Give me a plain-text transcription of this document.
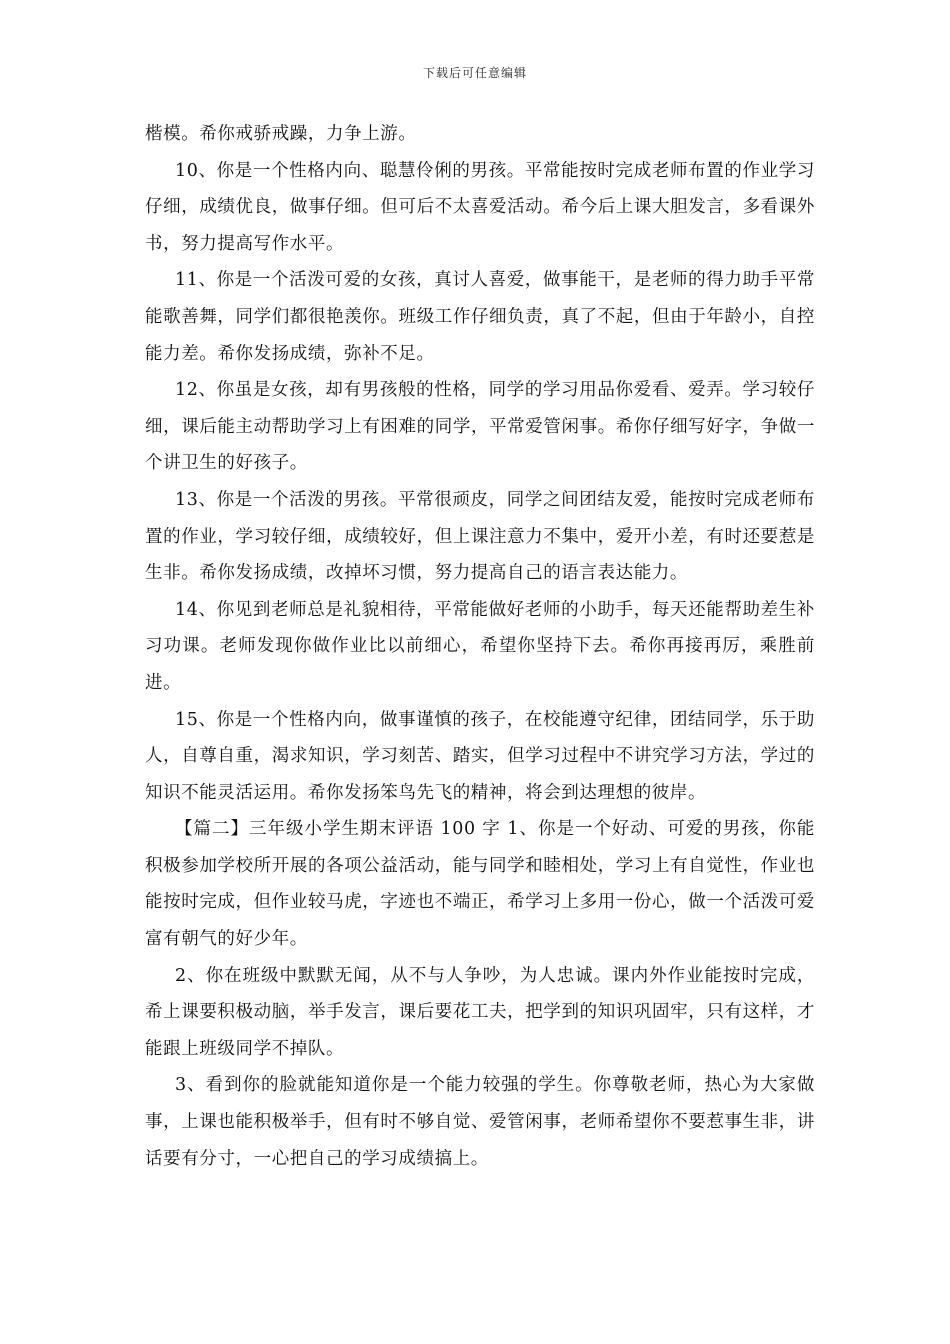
下载后可任意编辑

楷模。希你戒骄戒躁，力争上游。

10、你是一个性格内向、聪慧伶俐的男孩。平常能按时完成老师布置的作业学习仔细，成绩优良，做事仔细。但可后不太喜爱活动。希今后上课大胆发言，多看课外书，努力提高写作水平。

11、你是一个活泼可爱的女孩，真讨人喜爱，做事能干，是老师的得力助手平常能歌善舞，同学们都很艳羡你。班级工作仔细负责，真了不起，但由于年龄小，自控能力差。希你发扬成绩，弥补不足。

12、你虽是女孩，却有男孩般的性格，同学的学习用品你爱看、爱弄。学习较仔细，课后能主动帮助学习上有困难的同学，平常爱管闲事。希你仔细写好字，争做一个讲卫生的好孩子。

13、你是一个活泼的男孩。平常很顽皮，同学之间团结友爱，能按时完成老师布置的作业，学习较仔细，成绩较好，但上课注意力不集中，爱开小差，有时还要惹是生非。希你发扬成绩，改掉坏习惯，努力提高自己的语言表达能力。

14、你见到老师总是礼貌相待，平常能做好老师的小助手，每天还能帮助差生补习功课。老师发现你做作业比以前细心，希望你坚持下去。希你再接再厉，乘胜前进。

15、你是一个性格内向，做事谨慎的孩子，在校能遵守纪律，团结同学，乐于助人，自尊自重，渴求知识，学习刻苦、踏实，但学习过程中不讲究学习方法，学过的知识不能灵活运用。希你发扬笨鸟先飞的精神，将会到达理想的彼岸。

【篇二】三年级小学生期末评语 100 字 1、你是一个好动、可爱的男孩，你能积极参加学校所开展的各项公益活动，能与同学和睦相处，学习上有自觉性，作业也能按时完成，但作业较马虎，字迹也不端正，希学习上多用一份心，做一个活泼可爱富有朝气的好少年。

2、你在班级中默默无闻，从不与人争吵，为人忠诚。课内外作业能按时完成，希上课要积极动脑，举手发言，课后要花工夫，把学到的知识巩固牢，只有这样，才能跟上班级同学不掉队。

3、看到你的脸就能知道你是一个能力较强的学生。你尊敬老师，热心为大家做事，上课也能积极举手，但有时不够自觉、爱管闲事，老师希望你不要惹事生非，讲话要有分寸，一心把自己的学习成绩搞上。
